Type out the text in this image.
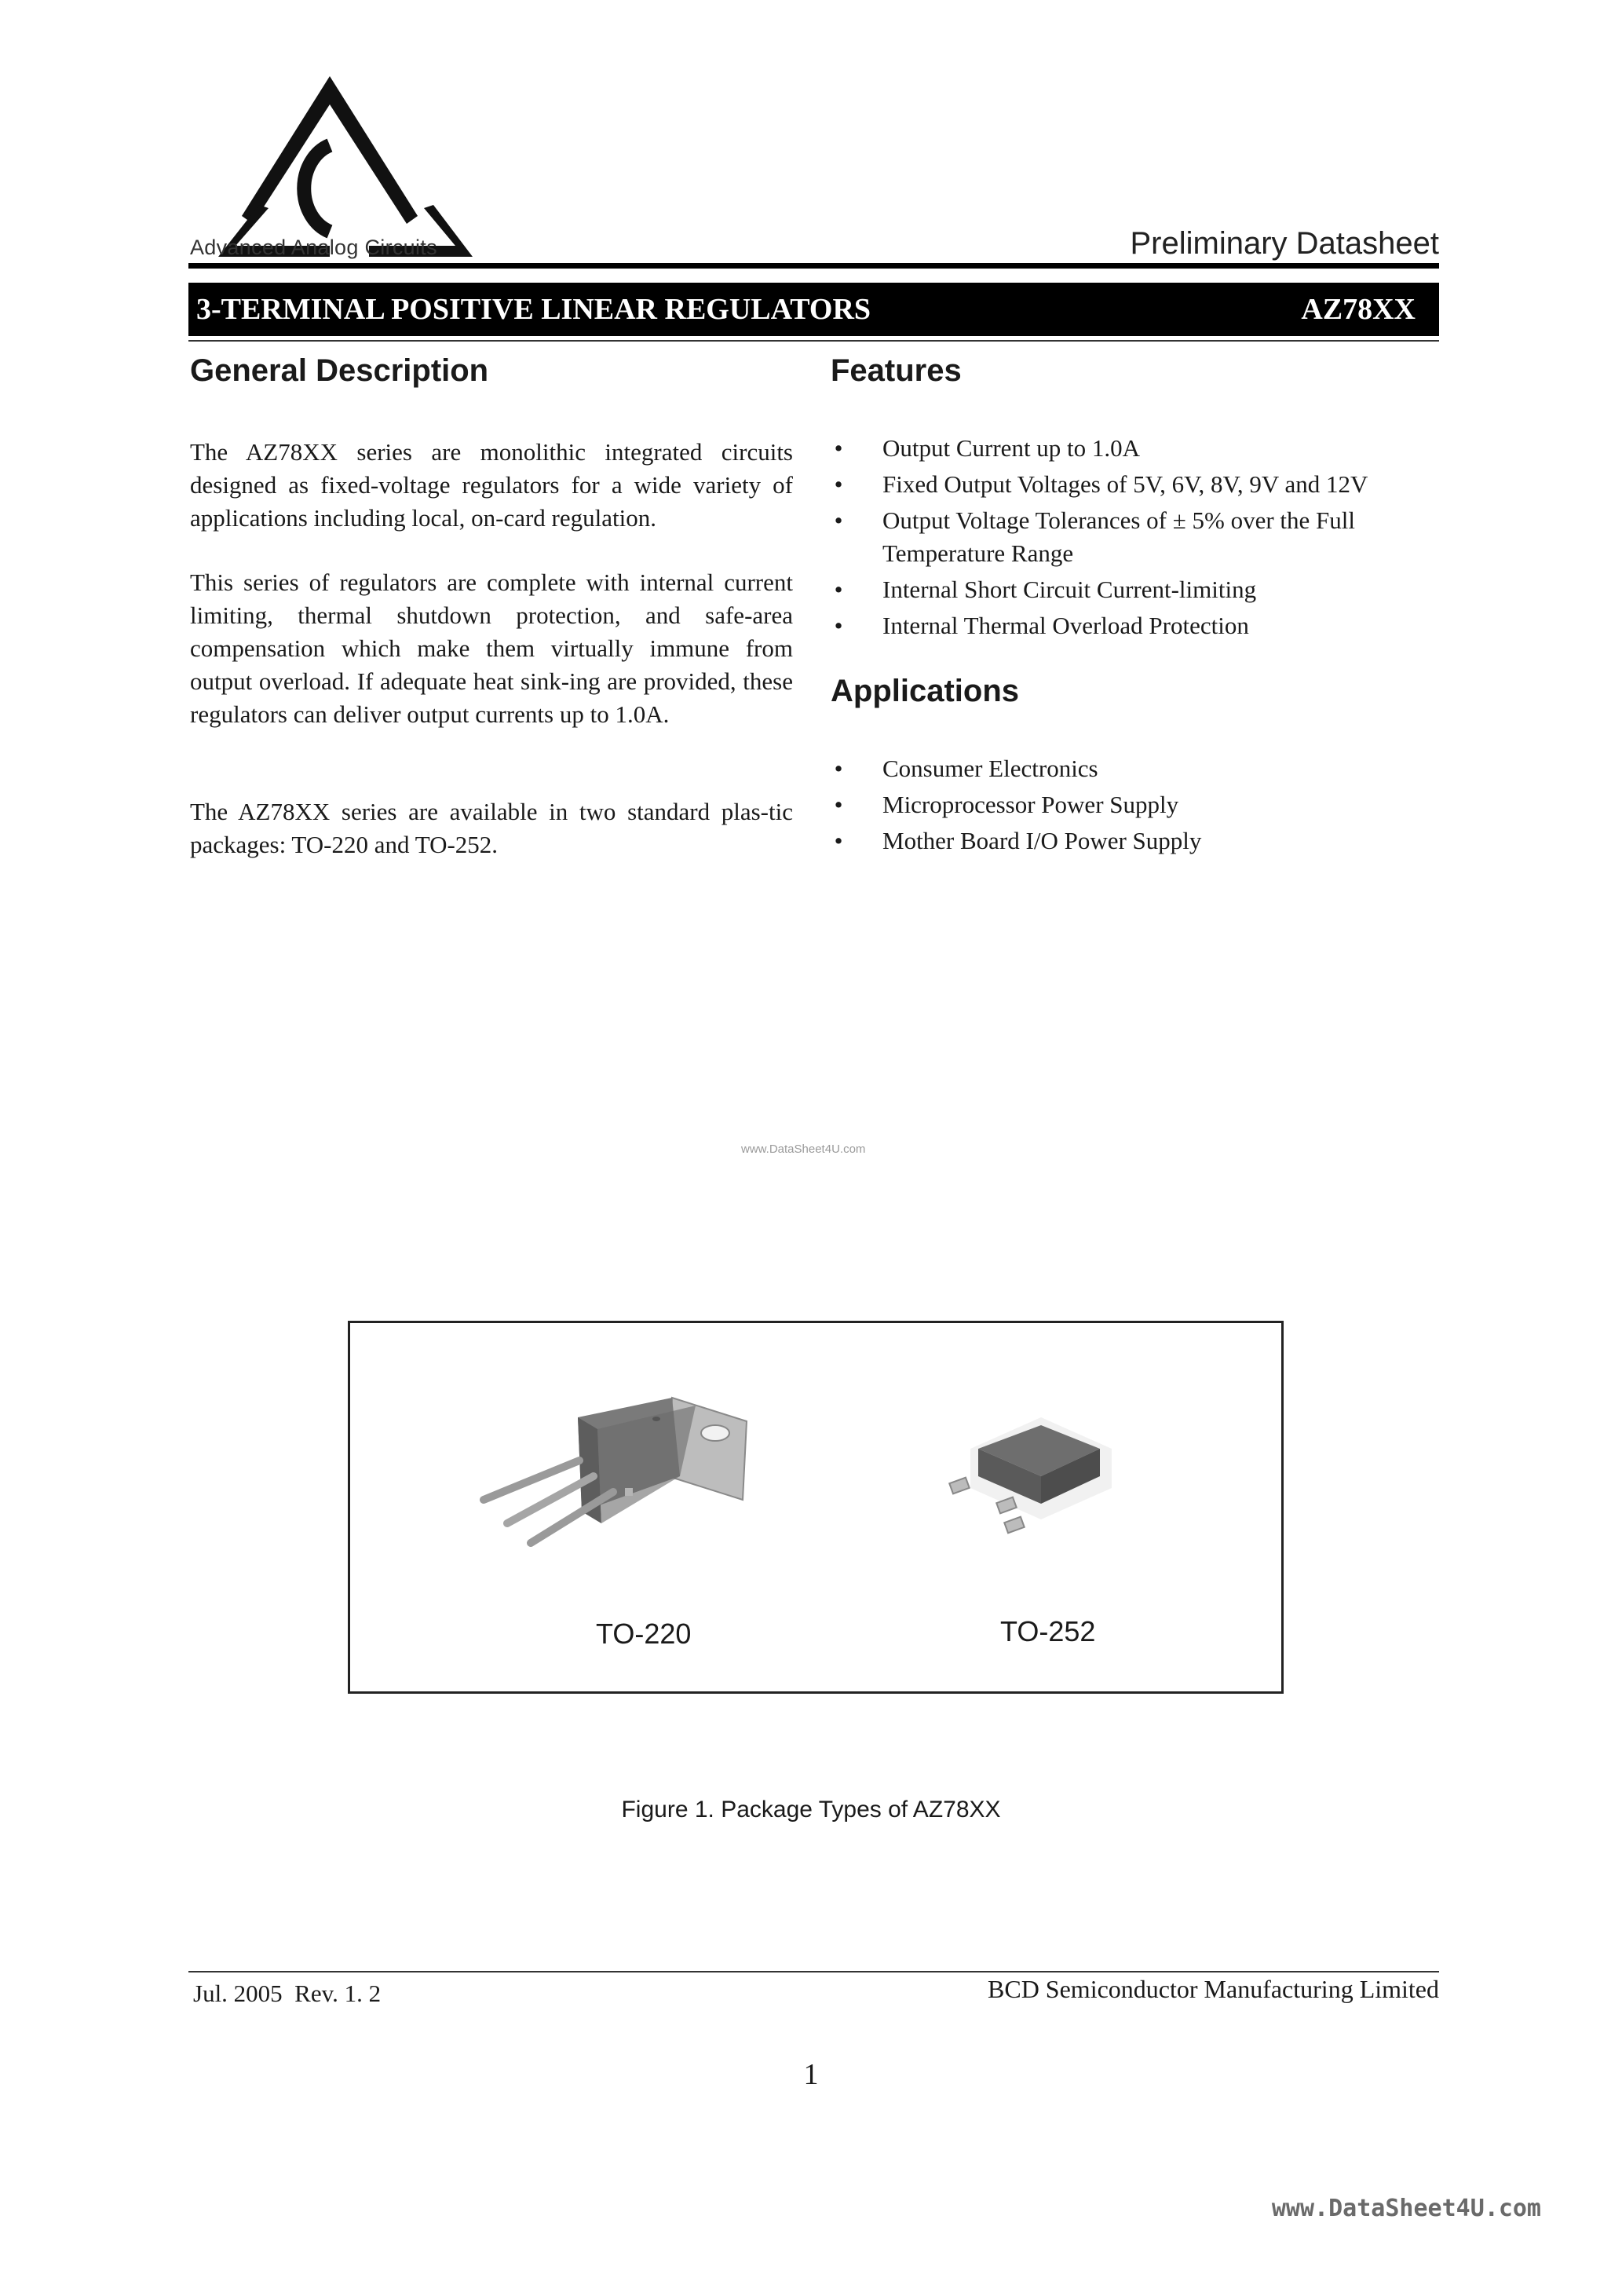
Advanced Analog Circuits	Preliminary Datasheet
3-TERMINAL POSITIVE LINEAR REGULATORS	AZ78XX
General Description
The AZ78XX series are monolithic integrated circuits designed as fixed-voltage regulators for a wide variety of applications including local, on-card regulation.
This series of regulators are complete with internal current limiting, thermal shutdown protection, and safe-area compensation which make them virtually immune from output overload. If adequate heat sink-ing are provided, these regulators can deliver output currents up to 1.0A.
The AZ78XX series are available in two standard plas-tic packages: TO-220 and TO-252.
Features
• Output Current up to 1.0A
• Fixed Output Voltages of 5V, 6V, 8V, 9V and 12V
• Output Voltage Tolerances of ± 5% over the Full Temperature Range
• Internal Short Circuit Current-limiting
• Internal Thermal Overload Protection
Applications
• Consumer Electronics
• Microprocessor Power Supply
• Mother Board I/O Power Supply
www.DataSheet4U.com
TO-220	TO-252
Figure 1. Package Types of AZ78XX
Jul. 2005  Rev. 1. 2	BCD Semiconductor Manufacturing Limited
1
www.DataSheet4U.com
